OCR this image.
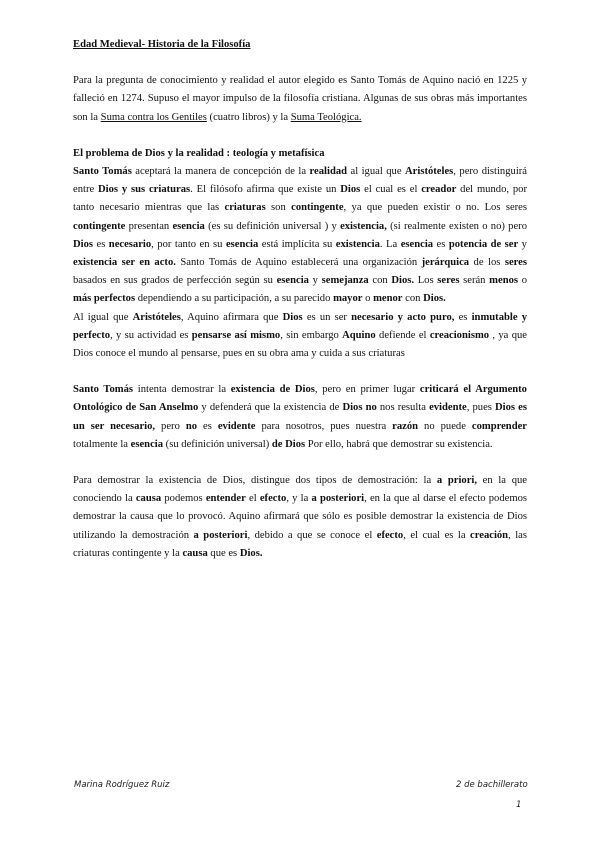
Edad Medieval- Historia de la Filosofía

Para la pregunta de conocimiento y realidad el autor elegido es Santo Tomás de Aquino nació en 1225 y falleció en 1274. Supuso el mayor impulso de la filosofía cristiana. Algunas de sus obras más importantes son la Suma contra los Gentiles (cuatro libros) y la Suma Teológica.

El problema de Dios y la realidad : teología y metafísica

Santo Tomás aceptará la manera de concepción de la realidad al igual que Aristóteles, pero distinguirá entre Dios y sus criaturas. El filósofo afirma que existe un Dios el cual es el creador del mundo, por tanto necesario mientras que las criaturas son contingente, ya que pueden existir o no. Los seres contingente presentan esencia (es su definición universal ) y existencia, (si realmente existen o no) pero Dios es necesario, por tanto en su esencia está implícita su existencia. La esencia es potencia de ser y existencia ser en acto. Santo Tomás de Aquino establecerá una organización jerárquica de los seres basados en sus grados de perfección según su esencia y semejanza con Dios. Los seres serán menos o más perfectos dependiendo a su participación, a su parecido mayor o menor con Dios.

Al igual que Aristóteles, Aquino afirmara que Dios es un ser necesario y acto puro, es inmutable y perfecto, y su actividad es pensarse así mismo, sin embargo Aquino defiende el creacionismo , ya que Dios conoce el mundo al pensarse, pues en su obra ama y cuida a sus criaturas

Santo Tomás intenta demostrar la existencia de Dios, pero en primer lugar criticará el Argumento Ontológico de San Anselmo y defenderá que la existencia de Dios no nos resulta evidente, pues Dios es un ser necesario, pero no es evidente para nosotros, pues nuestra razón no puede comprender totalmente la esencia (su definición universal) de Dios Por ello, habrá que demostrar su existencia.

Para demostrar la existencia de Dios, distingue dos tipos de demostración: la a priori, en la que conociendo la causa podemos entender el efecto, y la a posteriori, en la que al darse el efecto podemos demostrar la causa que lo provocó. Aquino afirmará que sólo es posible demostrar la existencia de Dios utilizando la demostración a posteriori, debido a que se conoce el efecto, el cual es la creación, las criaturas contingente y la causa que es Dios.

Marina Rodríguez Ruiz	2 de bachillerato
1
